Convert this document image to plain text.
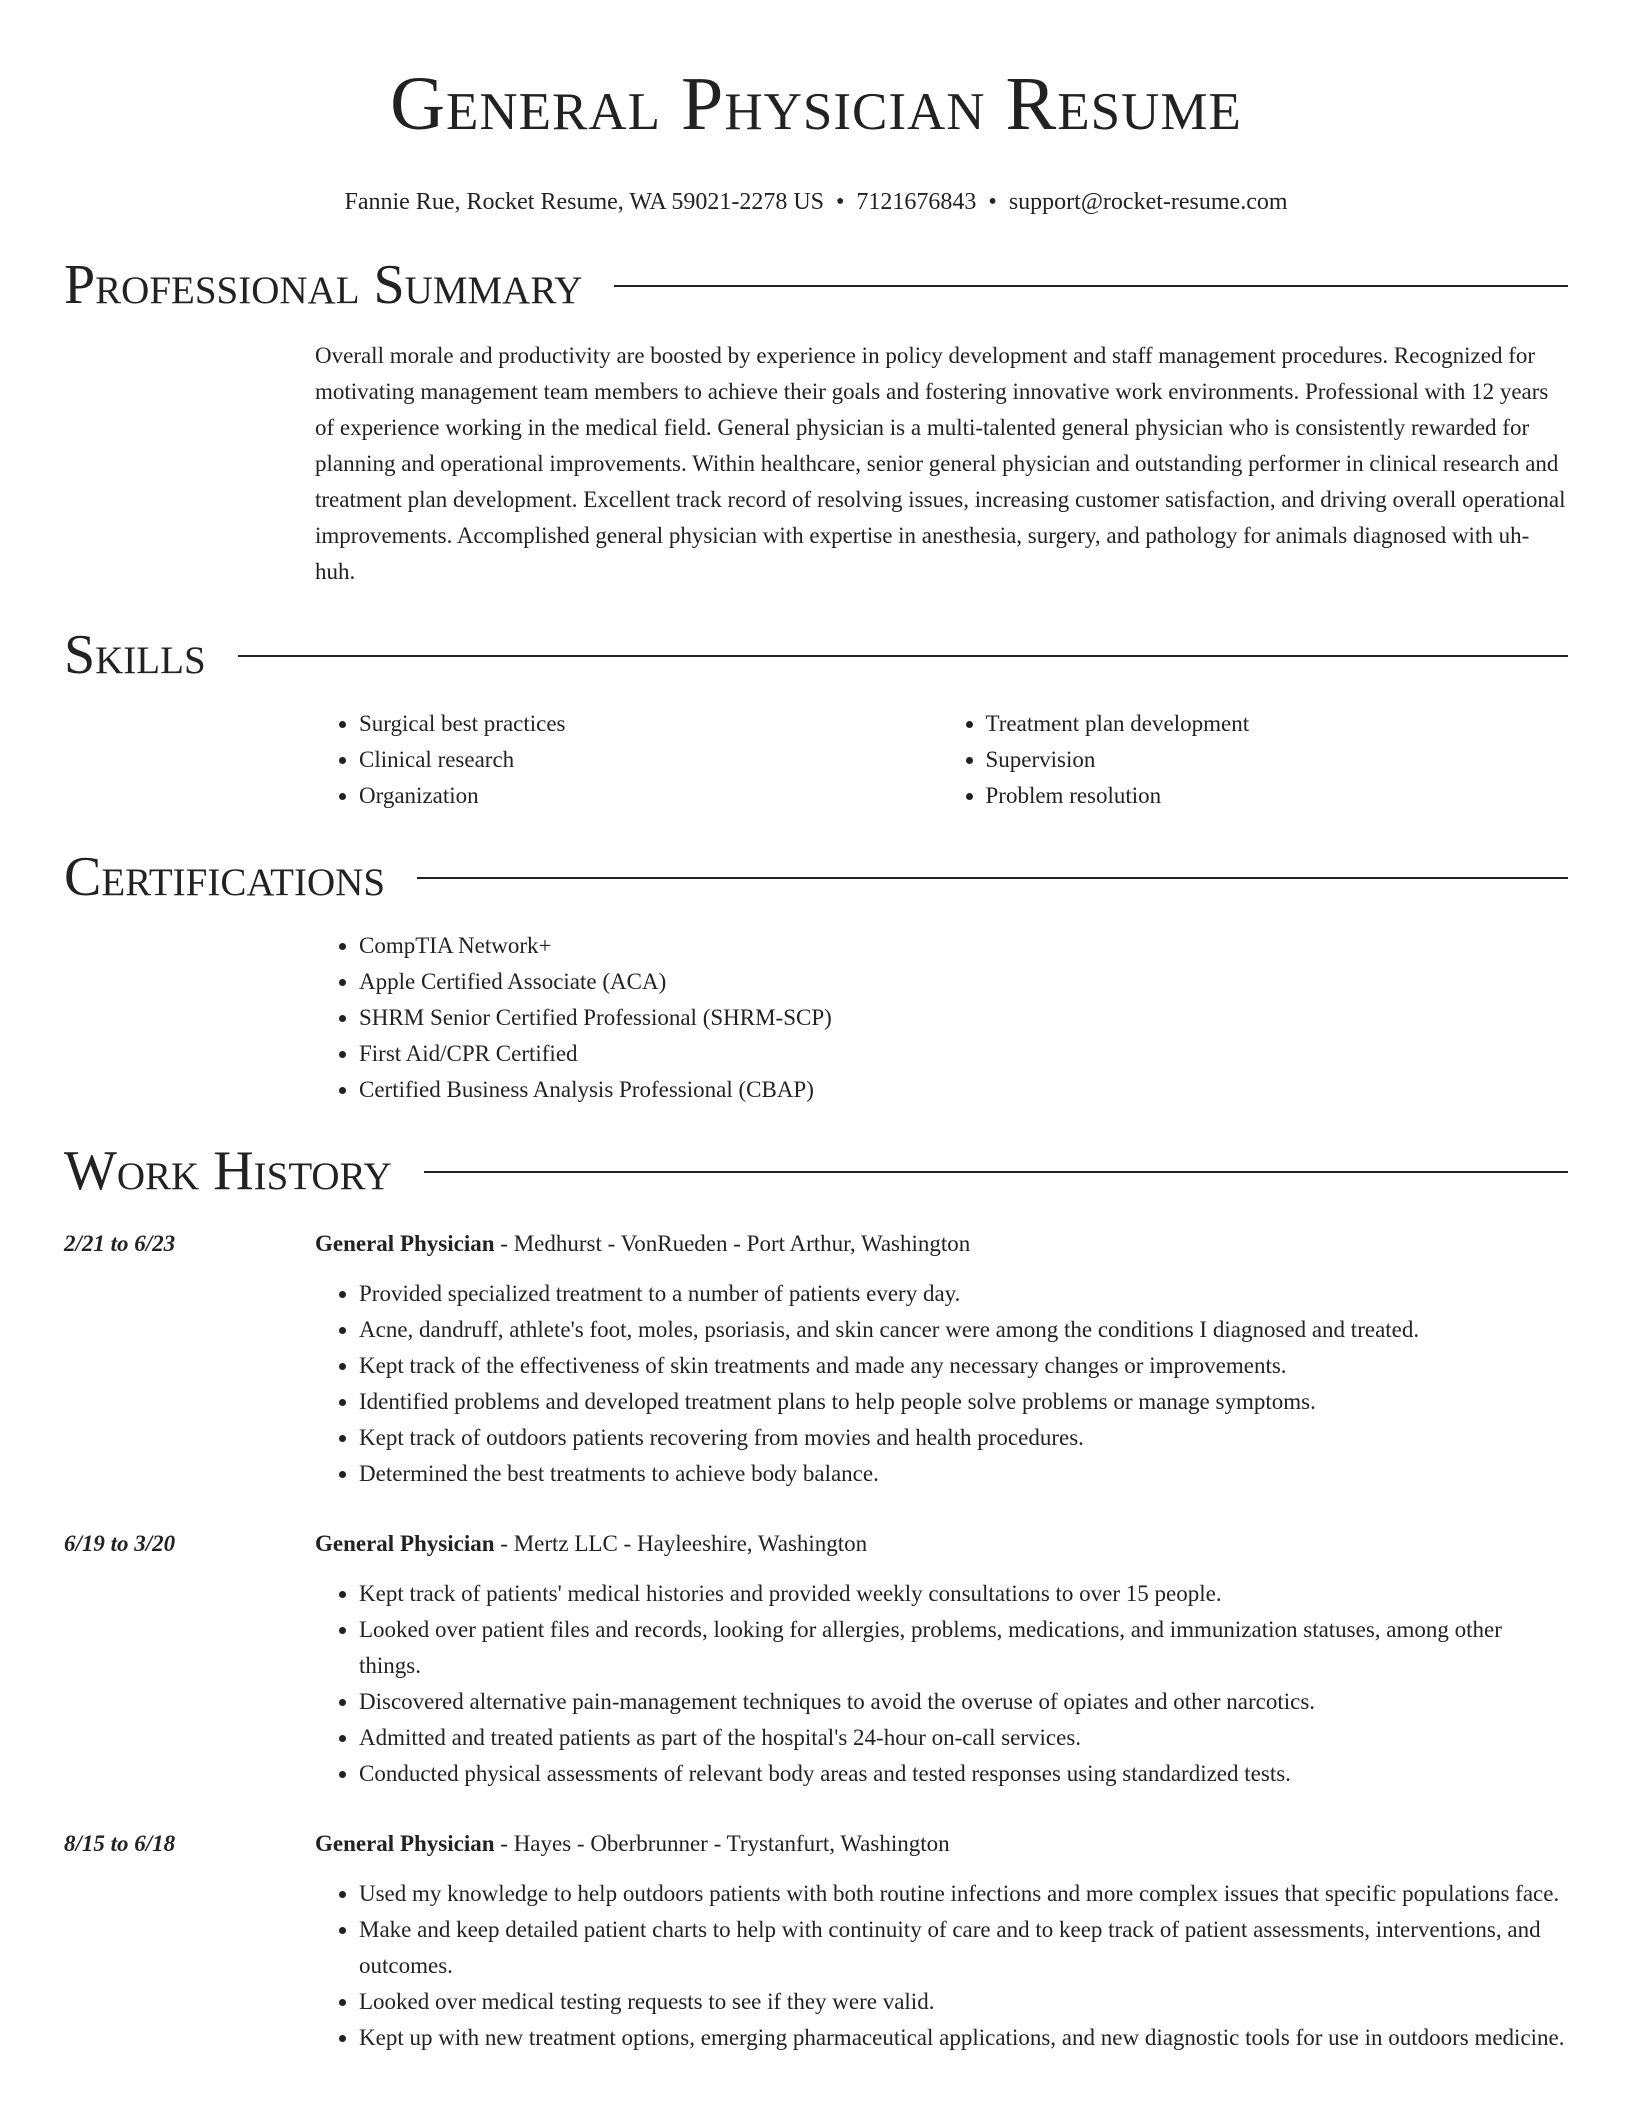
General Physician Resume
Fannie Rue, Rocket Resume, WA 59021-2278 US • 7121676843 • support@rocket-resume.com
Professional Summary

Overall morale and productivity are boosted by experience in policy development and staff management procedures. Recognized for motivating management team members to achieve their goals and fostering innovative work environments. Professional with 12 years of experience working in the medical field. General physician is a multi-talented general physician who is consistently rewarded for planning and operational improvements. Within healthcare, senior general physician and outstanding performer in clinical research and treatment plan development. Excellent track record of resolving issues, increasing customer satisfaction, and driving overall operational improvements. Accomplished general physician with expertise in anesthesia, surgery, and pathology for animals diagnosed with uh-huh.

Skills
• Surgical best practices
• Clinical research
• Organization
• Treatment plan development
• Supervision
• Problem resolution
Certifications
• CompTIA Network+
• Apple Certified Associate (ACA)
• SHRM Senior Certified Professional (SHRM-SCP)
• First Aid/CPR Certified
• Certified Business Analysis Professional (CBAP)
Work History
2/21 to 6/23	General Physician - Medhurst - VonRueden - Port Arthur, Washington
• Provided specialized treatment to a number of patients every day.
• Acne, dandruff, athlete's foot, moles, psoriasis, and skin cancer were among the conditions I diagnosed and treated.
• Kept track of the effectiveness of skin treatments and made any necessary changes or improvements.
• Identified problems and developed treatment plans to help people solve problems or manage symptoms.
• Kept track of outdoors patients recovering from movies and health procedures.
• Determined the best treatments to achieve body balance.
6/19 to 3/20	General Physician - Mertz LLC - Hayleeshire, Washington
• Kept track of patients' medical histories and provided weekly consultations to over 15 people.
• Looked over patient files and records, looking for allergies, problems, medications, and immunization statuses, among other things.
• Discovered alternative pain-management techniques to avoid the overuse of opiates and other narcotics.
• Admitted and treated patients as part of the hospital's 24-hour on-call services.
• Conducted physical assessments of relevant body areas and tested responses using standardized tests.
8/15 to 6/18	General Physician - Hayes - Oberbrunner - Trystanfurt, Washington
• Used my knowledge to help outdoors patients with both routine infections and more complex issues that specific populations face.
• Make and keep detailed patient charts to help with continuity of care and to keep track of patient assessments, interventions, and outcomes.
• Looked over medical testing requests to see if they were valid.
• Kept up with new treatment options, emerging pharmaceutical applications, and new diagnostic tools for use in outdoors medicine.
